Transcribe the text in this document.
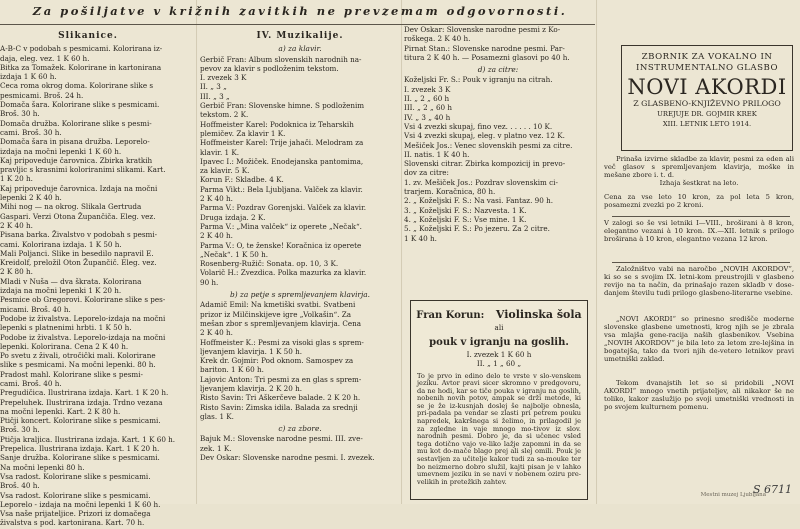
Za pošiljatve v križnih zavitkih ne prevzemam odgovornosti.
Slikanice.
A-B-C v podobah s pesmicami. Kolorirana iz-
dajа, eleg. vez. 1 K 60 h.
Bitka za Tomažek. Kolorirane in kartonirana
izdaja 1 K 60 h.
Ceca roma okrog doma. Kolorirane slike s
pesmicami. Broš. 24 h.
Domača šara. Kolorirane slike s pesmicami.
Broš. 30 h.
Domača družba. Kolorirane slike s pesmi-
cami. Broš. 30 h.
Domača šara in pisana družba. Leporelo-
izdaja na močni lepenki 1 K 60 h.
Kaj pripoveduje čarovnica. Zbirka kratkih
pravljic s krasnimi koloriranimi slikami. Kart.
1 K 20 h.
Kaj pripoveduje čarovnica. Izdaja na močni
lepenki 2 K 40 h.
Mihi nog — na okrog. Slikala Gertruda
Gaspari. Verzi Otona Župančiča. Eleg. vez.
2 K 40 h.
Pisana barka. Živalstvo v podobah s pesmi-
cami. Kolorirana izdaja. 1 K 50 h.
Mali Poljanci. Slike in besedilo napravil E.
Kreidolf, preložil Oton Župančič. Eleg. vez.
2 K 80 h.
Mladi v Nuša — dva škrata. Kolorirana
izdaja na močni lepenki 1 K 20 h.
Pesmice ob Gregorovi. Kolorirane slike s pes-
micami. Broš. 40 h.
Podobe iz živalstva. Leporelo-izdaja na močni
lepenki s platnenimi hrbti. 1 K 50 h.
Podobe iz živalstva. Leporelo-izdaja na močni
lepenki. Kolorirana. Cena 2 K 40 h.
Po svetu z živali, otročički mali. Kolorirane
slike s pesmicami. Na močni lepenki. 80 h.
Pradost mahl. Kolorirane slike s pesmi-
cami. Broš. 40 h.
Pregudičica. Ilustrirana izdaja. Kart. 1 K 20 h.
Prepeluhek. Ilustrirana izdaja. Trdno vezana
na močni lepenki. Kart. 2 K 80 h.
Ptičji koncert. Kolorirane slike s pesmicami.
Broš. 30 h.
Ptičja kraljica. Ilustrirana izdaja. Kart. 1 K 60 h.
Prepelica. Ilustrirana izdaja. Kart. 1 K 20 h.
Sanje družba. Kolorirane slike s pesmicami.
Na močni lepenki 80 h.
Vsa radost. Kolorirane slike s pesmicami.
Broš. 40 h.
Vsa radost. Kolorirane slike s pesmicami.
Leporelo - izdaja na močni lepenki 1 K 60 h.
Vsa naše prijateljice. Prizori iz domačega
živalstva s pod. kartonirana. Kart. 70 h.
IV. Muzikalije.
a) za klavir.
Gerbič Fran: Album slovenskih narodnih na-
pevov za klavir s podloženim tekstom.
I. zvezek 3 K
II. „ 3 „
III. „ 3 „
Gerbič Fran: Slovenske himne. S podloženim
tekstom. 2 K.
Hoffmeister Karel: Podoknica iz Teharskih
plemičev. Za klavir 1 K.
Hoffmeister Karel: Trije jahači. Melodram za
klavir. 1 K.
Ipavec I.: Možiček. Enodejanska pantomima,
za klavir. 5 K.
Korun F.: Skladbe. 4 K.
Parma Vikt.: Bela Ljubljana. Valček za klavir.
2 K 40 h.
Parma V.: Pozdrav Gorenjski. Valček za klavir.
Druga izdaja. 2 K.
Parma V.: „Mina valček“ iz operete „Nečak“.
2 K 40 h.
Parma V.: O, te ženske! Koračnica iz operete
„Nečak“. 1 K 50 h.
Rosenberg-Ružič: Sonata. op. 10, 3 K.
Volarič H.: Zvezdica. Polka mazurka za klavir.
90 h.
b) za petje s spremljevanjem klavirja.
Adamič Emil: Na kmetiški svatbi. Svatbeni
prizor iz Milčinskijeve igre „Volkašin“. Za
mešan zbor s spremljevanjem klavirja. Cena
2 K 40 h.
Hoffmeister K.: Pesmi za visoki glas s sprem-
ljevanjem klavirja. 1 K 50 h.
Krek dr. Gojmir: Pod oknom. Samospev za
bariton. 1 K 60 h.
Lajovic Anton: Tri pesmi za en glas s sprem-
ljevanjem klavirja. 2 K 20 h.
Risto Savin: Tri Aškerčeve balade. 2 K 20 h.
Risto Savin: Zimska idila. Balada za srednji
glas. 1 K.
c) za zbore.
Bajuk M.: Slovenske narodne pesmi. III. zve-
zek. 1 K.
Dev Oskar: Slovenske narodne pesmi. I. zvezek.
Dev Oskar: Slovenske narodne pesmi z Ko-
roškega. 2 K 40 h.
Pirnat Stan.: Slovenske narodne pesmi. Par-
titura 2 K 40 h. — Posamezni glasovi po 40 h.
d) za citre:
Koželjski Fr. S.: Pouk v igranju na citrah.
I. zvezek 3 K
II. „ 2 „ 60 h
III. „ 2 „ 60 h
IV. „ 3 „ 40 h
Vsi 4 zvezki skupaj, fino vez. . . . . . 10 K.
Vsi 4 zvezki skupaj, eleg. v platno vez. 12 K.
Mešiček Jos.: Venec slovenskih pesmi za citre.
II. natis. 1 K 40 h.
Slovenski citrar. Zbirka kompozicij in prevo-
dov za citre:
1. zv. Mešiček Jos.: Pozdrav slovenskim ci-
trarjem. Koračnica, 80 h.
2. „ Koželjski F. S.: Na vasi. Fantaz. 90 h.
3. „ Koželjski F. S.: Nazvesta. 1 K.
4. „ Koželjski F. S.: Vse mine. 1 K.
5. „ Koželjski F. S.: Po jezeru. Za 2 citre.
1 K 40 h.
Fran Korun: Violinska šola
ali
pouk v igranju na goslih.
I. zvezek 1 K 60 h
II. „ 1 „ 60 „
To je prvo in edino delo te vrste v slo-venskem jeziku. Avtor pravi sicer skromno v predgovoru, da ne hodi, kar se tiče pouka v igranju na goslih, nobenih novih potov, ampak se drži metode, ki se je že iz-kusnjah doslej še najbolje obnesla, pri-padala pa vendar se zlasti pri petrem pouku napredek, kakršnega si želimo, in prilagodil je za zgledne in vaje mnogo mo-tivov iz slov. narodnih pesmi. Dobro je, da si učenec vsled tega dotično vajo ve-liko lažje zapomni in da se mu kot do-mače blago prej ali slej omili. Pouk je sestavljen za učitelje kakor tudi za sa-mouke ter bo neizmerno dobro služil, kajti pisan je v lahko umevnem jeziku in se navi v nobenem oziru pre-velikih in pretežkih zahtev.
ZBORNIK ZA VOKALNO IN INSTRUMENTALNO GLASBO
NOVI AKORDI
Z GLASBENO-KNJIŽEVNO PRILOGO
UREJUJE DR. GOJMIR KREK
XIII. LETNIK LETO 1914.
Prinaša izvirne skladbe za klavir, pesmi za eden ali več glasov s spremljevanjem klavirja, moške in mešane zbore i. t. d.
Izhaja šestkrat na leto.
Cena za vse leto 10 kron, za pol leta 5 kron, posamezni zvezki po 2 kroni.
V zalogi so še vsi letniki I—VIII., broširani à 8 kron, elegantno vezani à 10 kron. IX.—XII. letnik s prilogo broširana à 10 kron, elegantno vezana 12 kron.
Založništvo vabi na naročbo „NOVIH AKORDOV“, ki so se s svojim IX. letni-kom preustrojili v glasbeno revijo na ta način, da prinašajo razen skladb v dose-danjem številu tudi prilogo glasbeno-literarne vsebine.
„NOVI AKORDI“ so prinesno središče moderne slovenske glasbene umetnosti, krog njih se je zbrala vsa mlajša gene-racija naših glasbenikov. Vsebina „NOVIH AKORDOV“ je bila leto za letom zre-lejšina in bogatejša, tako da tvori njih de-veterо letnikov pravi umetniški zaklad.
Tekom dvanajstih let so si pridobili „NOVI AKORDI“ mnogo vnetih prijateljev, ali nikakor še ne toliko, kakor zaslužijo po svoji umetniški vrednosti in po svojem kulturnem pomenu.
Mestni muzej Ljubljana
S 6711
